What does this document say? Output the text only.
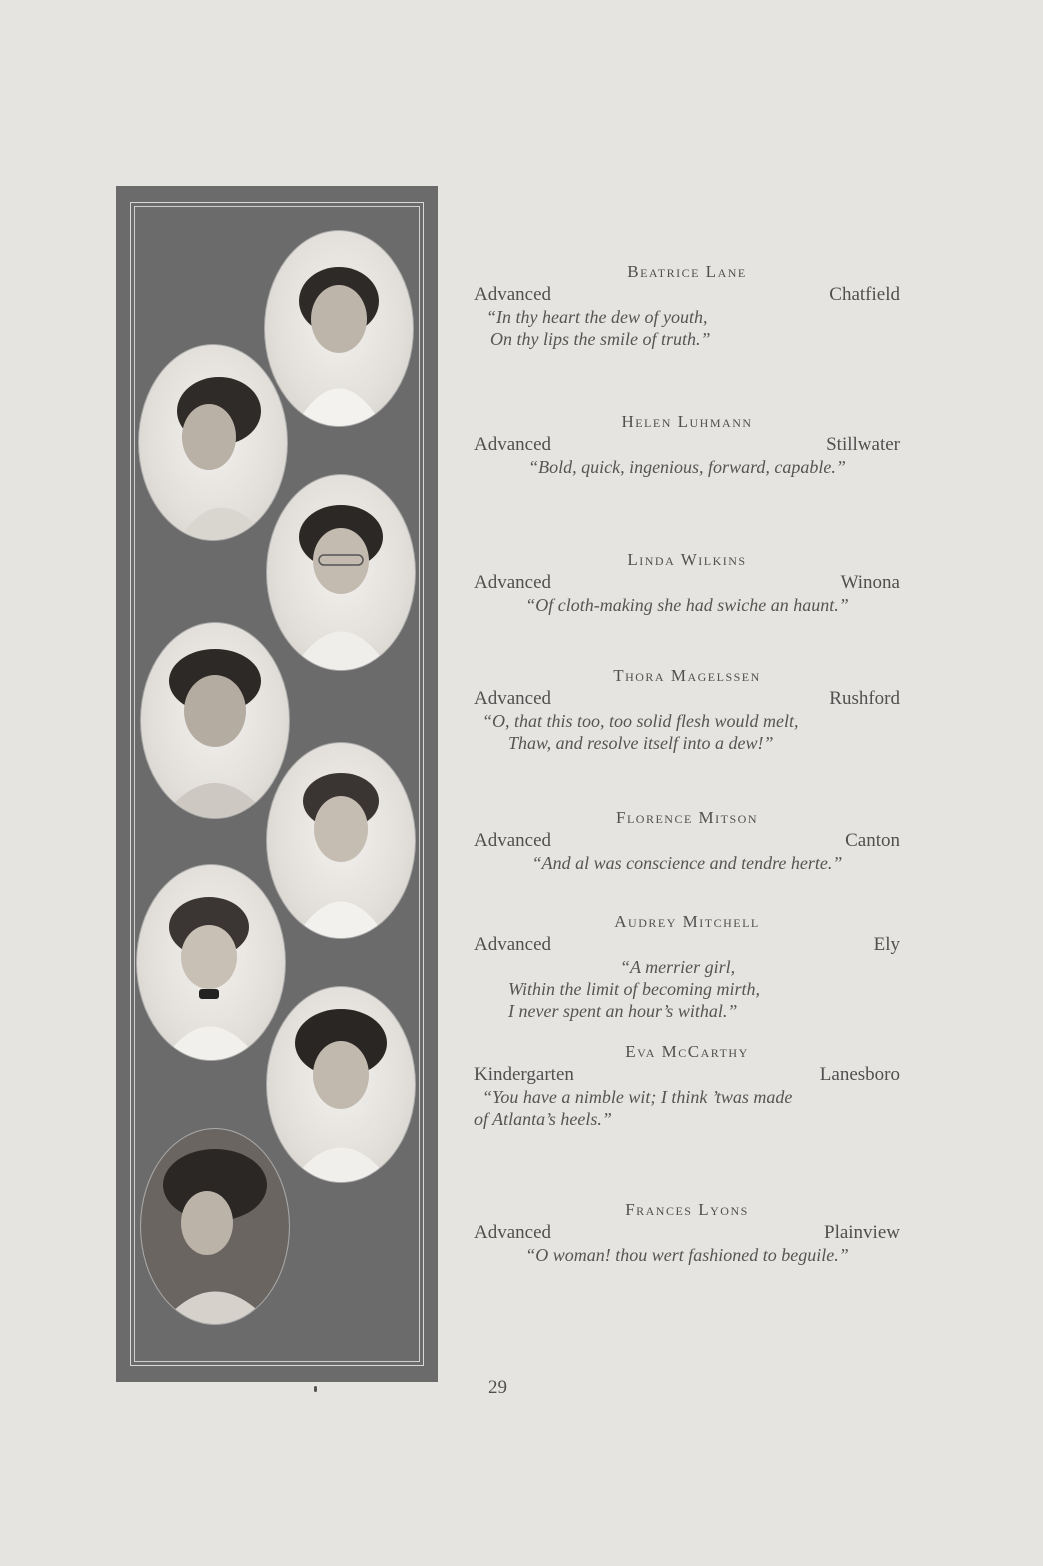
Beatrice Lane
Advanced	Chatfield
“In thy heart the dew of youth,
On thy lips the smile of truth.”
Helen Luhmann
Advanced	Stillwater
“Bold, quick, ingenious, forward, capable.”
Linda Wilkins
Advanced	Winona
“Of cloth-making she had swiche an haunt.”
Thora Magelssen
Advanced	Rushford
“O, that this too, too solid flesh would melt,
Thaw, and resolve itself into a dew!”
Florence Mitson
Advanced	Canton
“And al was conscience and tendre herte.”
Audrey Mitchell
Advanced	Ely
“A merrier girl,
Within the limit of becoming mirth,
I never spent an hour’s withal.”
Eva McCarthy
Kindergarten	Lanesboro
“You have a nimble wit; I think ’twas made
of Atlanta’s heels.”
Frances Lyons
Advanced	Plainview
“O woman! thou wert fashioned to beguile.”
29
